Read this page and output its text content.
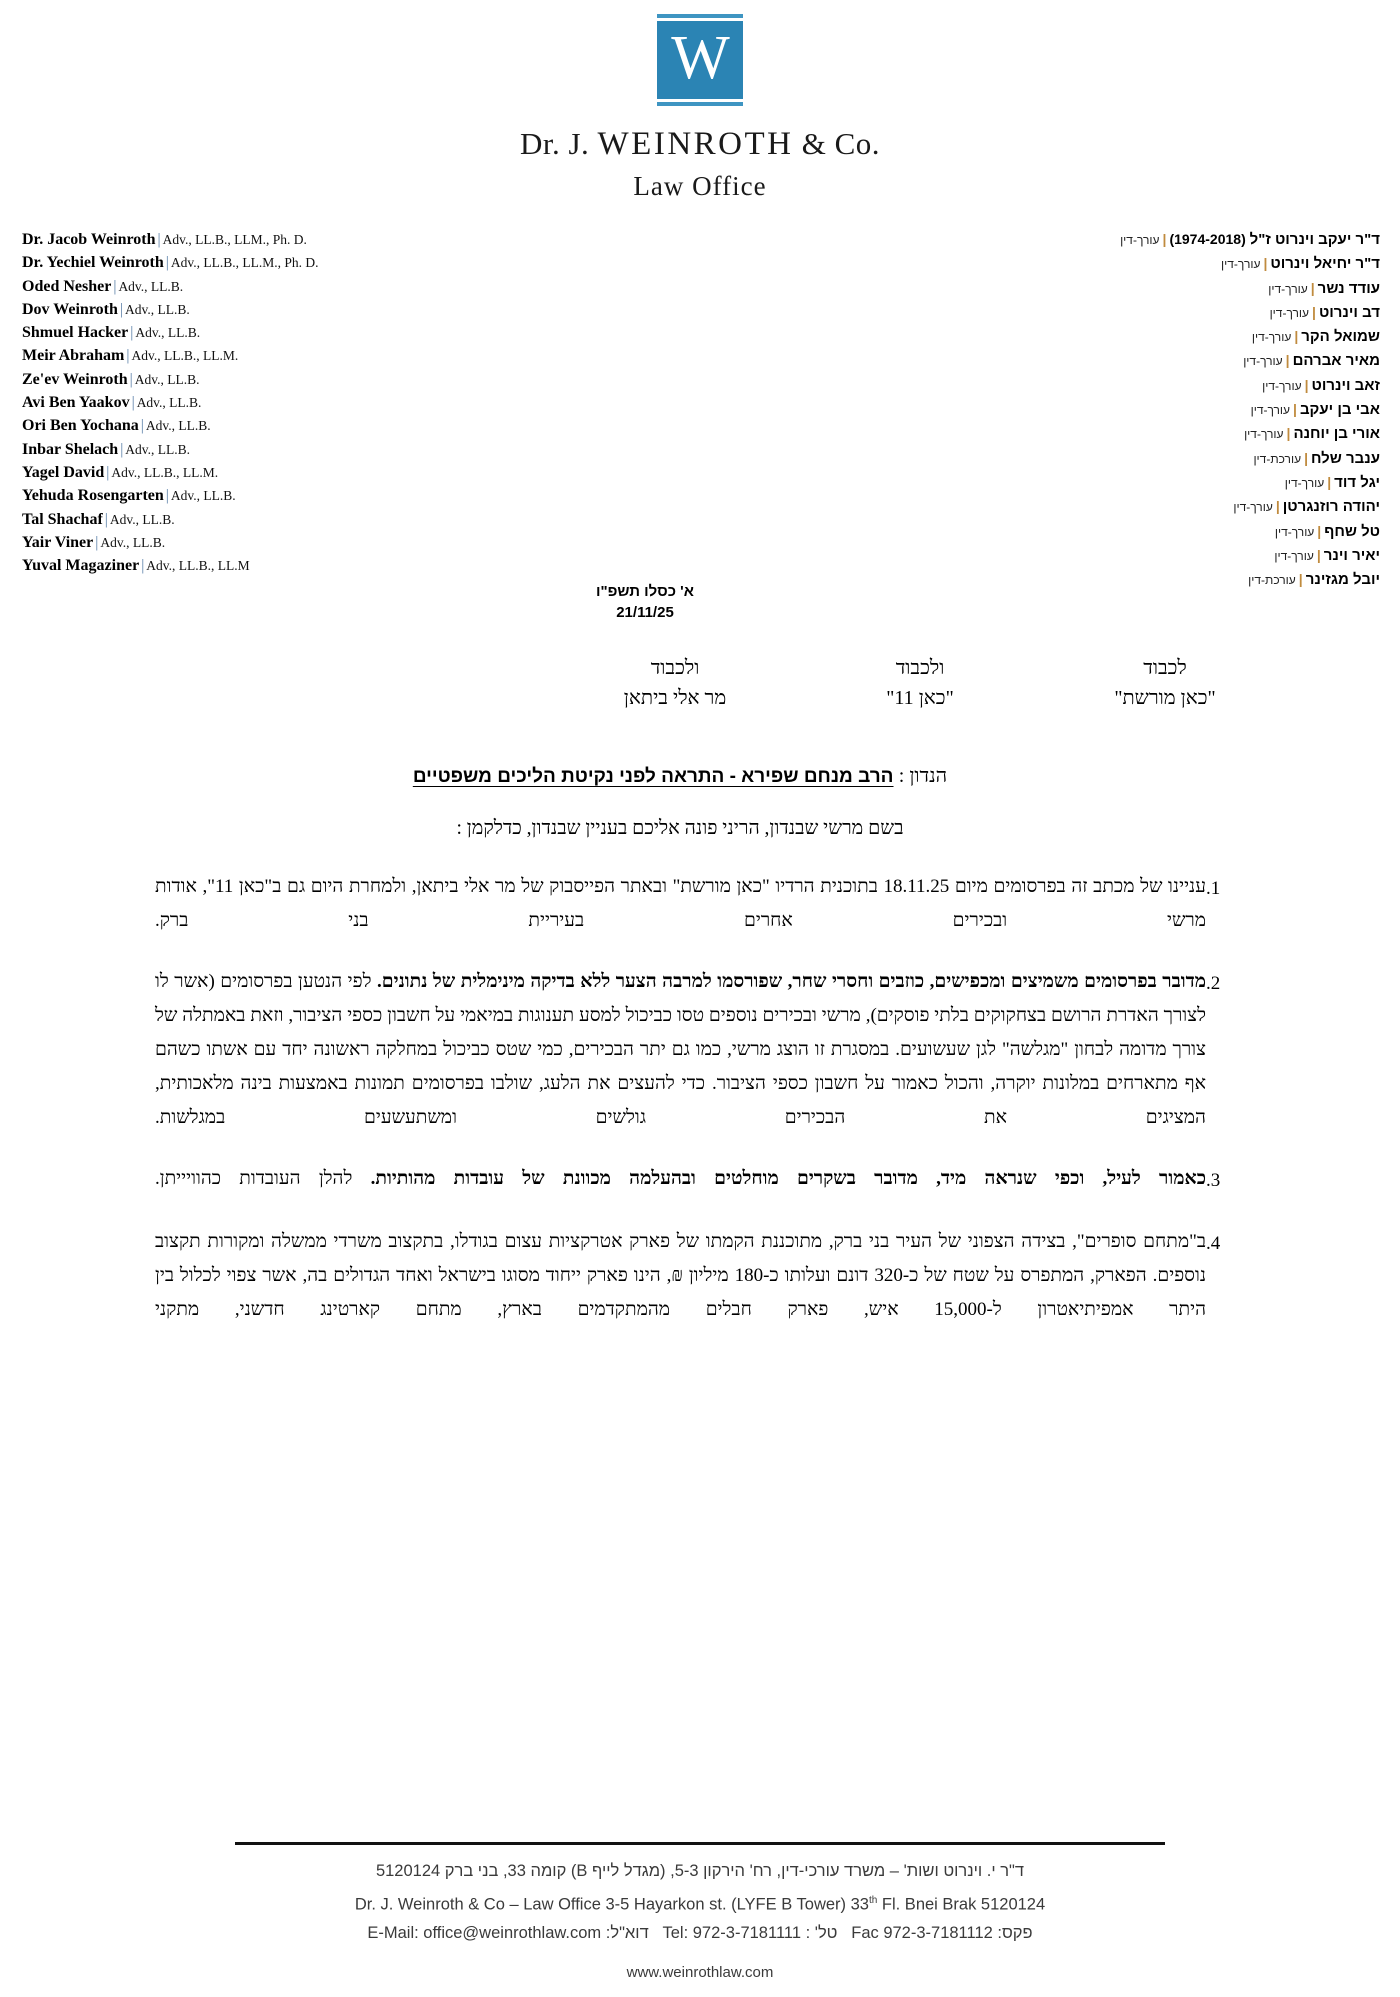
W
Dr. J. WEINROTH & Co.
Law Office
Dr. Jacob Weinroth | Adv., LL.B., LLM., Ph. D.
Dr. Yechiel Weinroth | Adv., LL.B., LL.M., Ph. D.
Oded Nesher | Adv., LL.B.
Dov Weinroth | Adv., LL.B.
Shmuel Hacker | Adv., LL.B.
Meir Abraham | Adv., LL.B., LL.M.
Ze'ev Weinroth | Adv., LL.B.
Avi Ben Yaakov | Adv., LL.B.
Ori Ben Yochana | Adv., LL.B.
Inbar Shelach | Adv., LL.B.
Yagel David | Adv., LL.B., LL.M.
Yehuda Rosengarten | Adv., LL.B.
Tal Shachaf | Adv., LL.B.
Yair Viner | Adv., LL.B.
Yuval Magaziner | Adv., LL.B., LL.M
ד"ר יעקב וינרוט ז"ל (1974-2018)|עורך-דין
ד"ר יחיאל וינרוט|עורך-דין
עודד נשר|עורך-דין
דב וינרוט|עורך-דין
שמואל הקר|עורך-דין
מאיר אברהם|עורך-דין
זאב וינרוט|עורך-דין
אבי בן יעקב|עורך-דין
אורי בן יוחנה|עורך-דין
ענבר שלח|עורכת-דין
יגל דוד|עורך-דין
יהודה רוזנגרטן|עורך-דין
טל שחף|עורך-דין
יאיר וינר|עורך-דין
יובל מגזינר|עורכת-דין
א' כסלו תשפ"ו
21/11/25
לכבוד
"כאן מורשת"
ולכבוד
"כאן 11"
ולכבוד
מר אלי ביתאן
הנדון : הרב מנחם שפירא - התראה לפני נקיטת הליכים משפטיים
בשם מרשי שבנדון, הריני פונה אליכם בעניין שבנדון, כדלקמן :
1.
עניינו של מכתב זה בפרסומים מיום 18.11.25 בתוכנית הרדיו "כאן מורשת" ובאתר הפייסבוק של מר אלי ביתאן, ולמחרת היום גם ב"כאן 11", אודות מרשי ובכירים אחרים בעיריית בני ברק.
2.
מדובר בפרסומים משמיצים ומכפישים, כוזבים וחסרי שחר, שפורסמו למרבה הצער ללא בדיקה מינימלית של נתונים. לפי הנטען בפרסומים (אשר לו לצורך האדרת הרושם בצחקוקים בלתי פוסקים), מרשי ובכירים נוספים טסו כביכול למסע תענוגות במיאמי על חשבון כספי הציבור, וזאת באמתלה של צורך מדומה לבחון "מגלשה" לגן שעשועים. במסגרת זו הוצג מרשי, כמו גם יתר הבכירים, כמי שטס כביכול במחלקה ראשונה יחד עם אשתו כשהם אף מתארחים במלונות יוקרה, והכול כאמור על חשבון כספי הציבור. כדי להעצים את הלעג, שולבו בפרסומים תמונות באמצעות בינה מלאכותית, המציגים את הבכירים גולשים ומשתעשעים במגלשות.
3.
כאמור לעיל, וכפי שנראה מיד, מדובר בשקרים מוחלטים ובהעלמה מכוונת של עובדות מהותיות. להלן העובדות כהוויייתן.
4.
ב"מתחם סופרים", בצידה הצפוני של העיר בני ברק, מתוכננת הקמתו של פארק אטרקציות עצום בגודלו, בתקצוב משרדי ממשלה ומקורות תקצוב נוספים. הפארק, המתפרס על שטח של כ-320 דונם ועלותו כ-180 מיליון ₪, הינו פארק ייחוד מסוגו בישראל ואחד הגדולים בה, אשר צפוי לכלול בין היתר אמפיתיאטרון ל-15,000 איש, פארק חבלים מהמתקדמים בארץ, מתחם קארטינג חדשני, מתקני
ד"ר י. וינרוט ושות' – משרד עורכי-דין, רח' הירקון 5-3, (מגדל לייף B) קומה 33, בני ברק 5120124
Dr. J. Weinroth & Co – Law Office 3-5 Hayarkon st. (LYFE B Tower) 33th Fl. Bnei Brak 5120124
פקס: Fac 972-3-7181112   טל' : Tel: 972-3-7181111   דוא"ל: E-Mail: office@weinrothlaw.com
www.weinrothlaw.com
